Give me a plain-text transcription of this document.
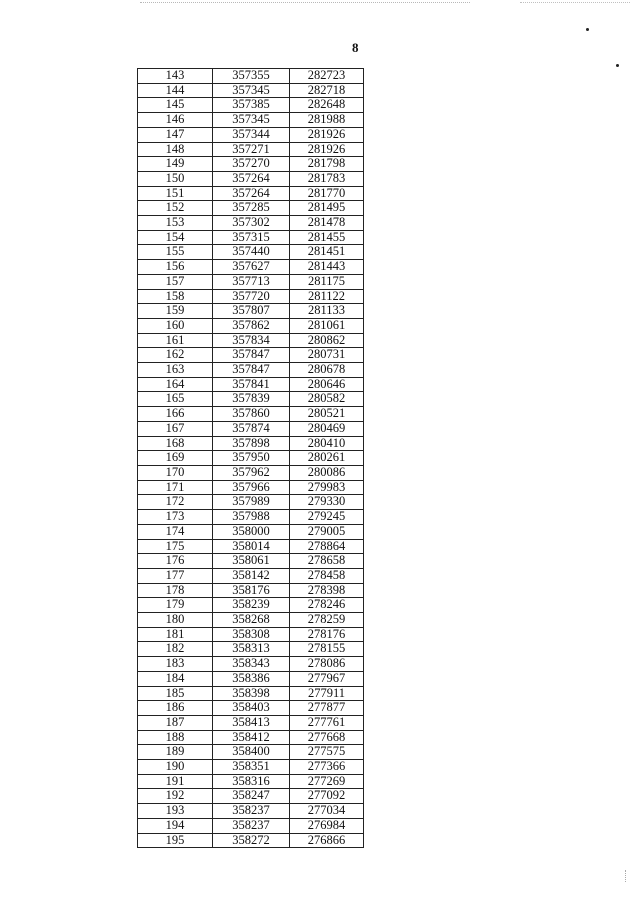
8
143	357355	282723
144	357345	282718
145	357385	282648
146	357345	281988
147	357344	281926
148	357271	281926
149	357270	281798
150	357264	281783
151	357264	281770
152	357285	281495
153	357302	281478
154	357315	281455
155	357440	281451
156	357627	281443
157	357713	281175
158	357720	281122
159	357807	281133
160	357862	281061
161	357834	280862
162	357847	280731
163	357847	280678
164	357841	280646
165	357839	280582
166	357860	280521
167	357874	280469
168	357898	280410
169	357950	280261
170	357962	280086
171	357966	279983
172	357989	279330
173	357988	279245
174	358000	279005
175	358014	278864
176	358061	278658
177	358142	278458
178	358176	278398
179	358239	278246
180	358268	278259
181	358308	278176
182	358313	278155
183	358343	278086
184	358386	277967
185	358398	277911
186	358403	277877
187	358413	277761
188	358412	277668
189	358400	277575
190	358351	277366
191	358316	277269
192	358247	277092
193	358237	277034
194	358237	276984
195	358272	276866
